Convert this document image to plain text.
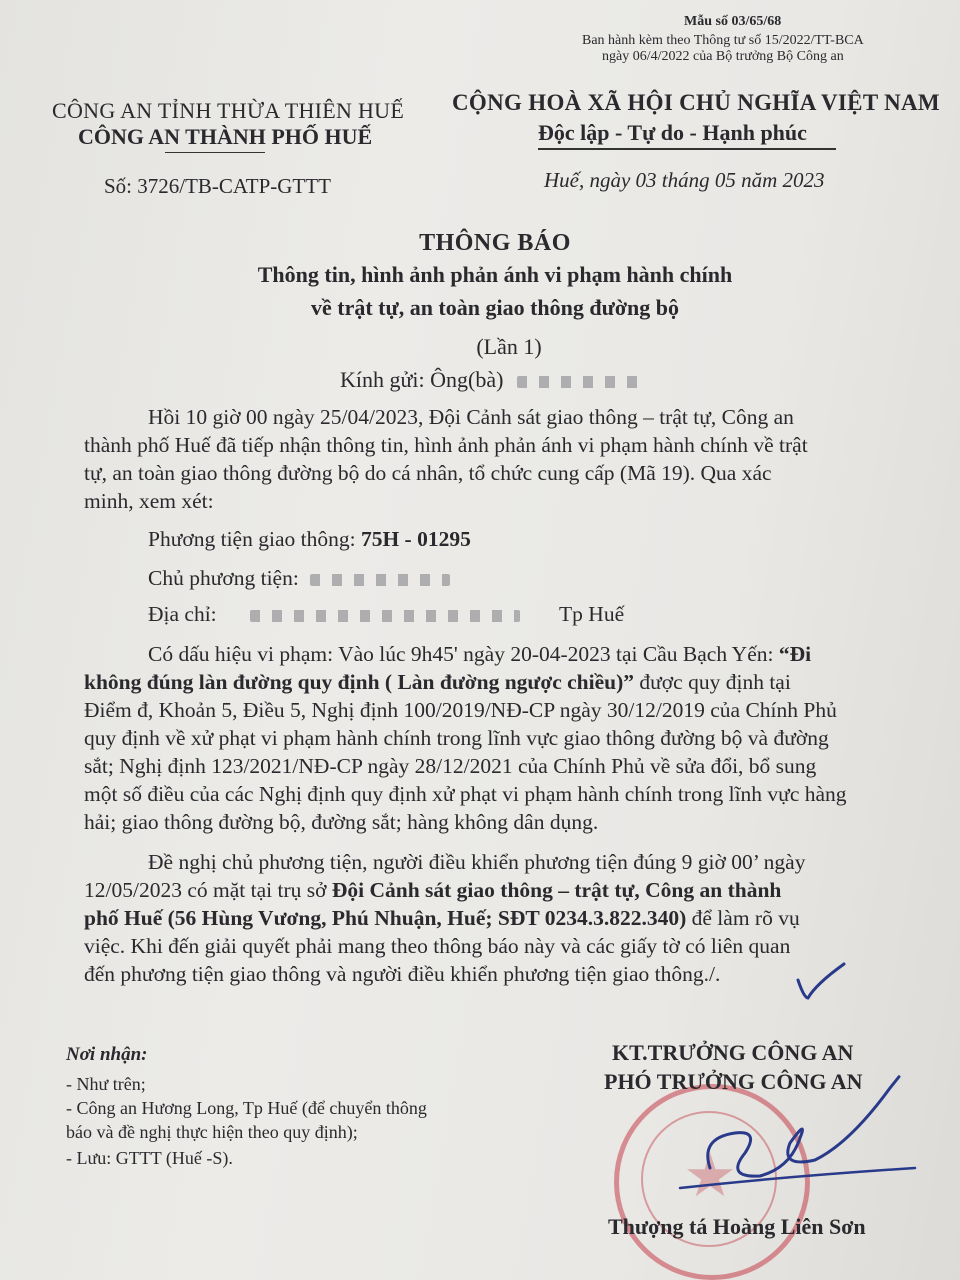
Mẫu số 03/65/68
Ban hành kèm theo Thông tư số 15/2022/TT-BCA
ngày 06/4/2022 của Bộ trưởng Bộ Công an
CÔNG AN TỈNH THỪA THIÊN HUẾ
CÔNG AN THÀNH PHỐ HUẾ
CỘNG HOÀ XÃ HỘI CHỦ NGHĨA VIỆT NAM
Độc lập - Tự do - Hạnh phúc
Số: 3726/TB-CATP-GTTT	Huế, ngày 03 tháng 05 năm 2023
THÔNG BÁO
Thông tin, hình ảnh phản ánh vi phạm hành chính
về trật tự, an toàn giao thông đường bộ
(Lần 1)
Kính gửi: Ông(bà)
Hồi 10 giờ 00 ngày 25/04/2023, Đội Cảnh sát giao thông – trật tự, Công an
thành phố Huế đã tiếp nhận thông tin, hình ảnh phản ánh vi phạm hành chính về trật
tự, an toàn giao thông đường bộ do cá nhân, tổ chức cung cấp (Mã 19). Qua xác
minh, xem xét:
Phương tiện giao thông: 75H - 01295
Chủ phương tiện:
Địa chỉ:	Tp Huế
Có dấu hiệu vi phạm: Vào lúc 9h45' ngày 20-04-2023 tại Cầu Bạch Yến: “Đi
không đúng làn đường quy định ( Làn đường ngược chiều)” được quy định tại
Điểm đ, Khoản 5, Điều 5, Nghị định 100/2019/NĐ-CP ngày 30/12/2019 của Chính Phủ
quy định về xử phạt vi phạm hành chính trong lĩnh vực giao thông đường bộ và đường
sắt; Nghị định 123/2021/NĐ-CP ngày 28/12/2021 của Chính Phủ về sửa đổi, bổ sung
một số điều của các Nghị định quy định xử phạt vi phạm hành chính trong lĩnh vực hàng
hải; giao thông đường bộ, đường sắt; hàng không dân dụng.
Đề nghị chủ phương tiện, người điều khiển phương tiện đúng 9 giờ 00’ ngày
12/05/2023 có mặt tại trụ sở Đội Cảnh sát giao thông – trật tự, Công an thành
phố Huế (56 Hùng Vương, Phú Nhuận, Huế; SĐT 0234.3.822.340) để làm rõ vụ
việc. Khi đến giải quyết phải mang theo thông báo này và các giấy tờ có liên quan
đến phương tiện giao thông và người điều khiển phương tiện giao thông./.
Nơi nhận:
- Như trên;
- Công an Hương Long, Tp Huế (để chuyển thông
báo và đề nghị thực hiện theo quy định);
- Lưu: GTTT (Huế -S).	★
KT.TRƯỞNG CÔNG AN
PHÓ TRƯỞNG CÔNG AN
Thượng tá Hoàng Liên Sơn
